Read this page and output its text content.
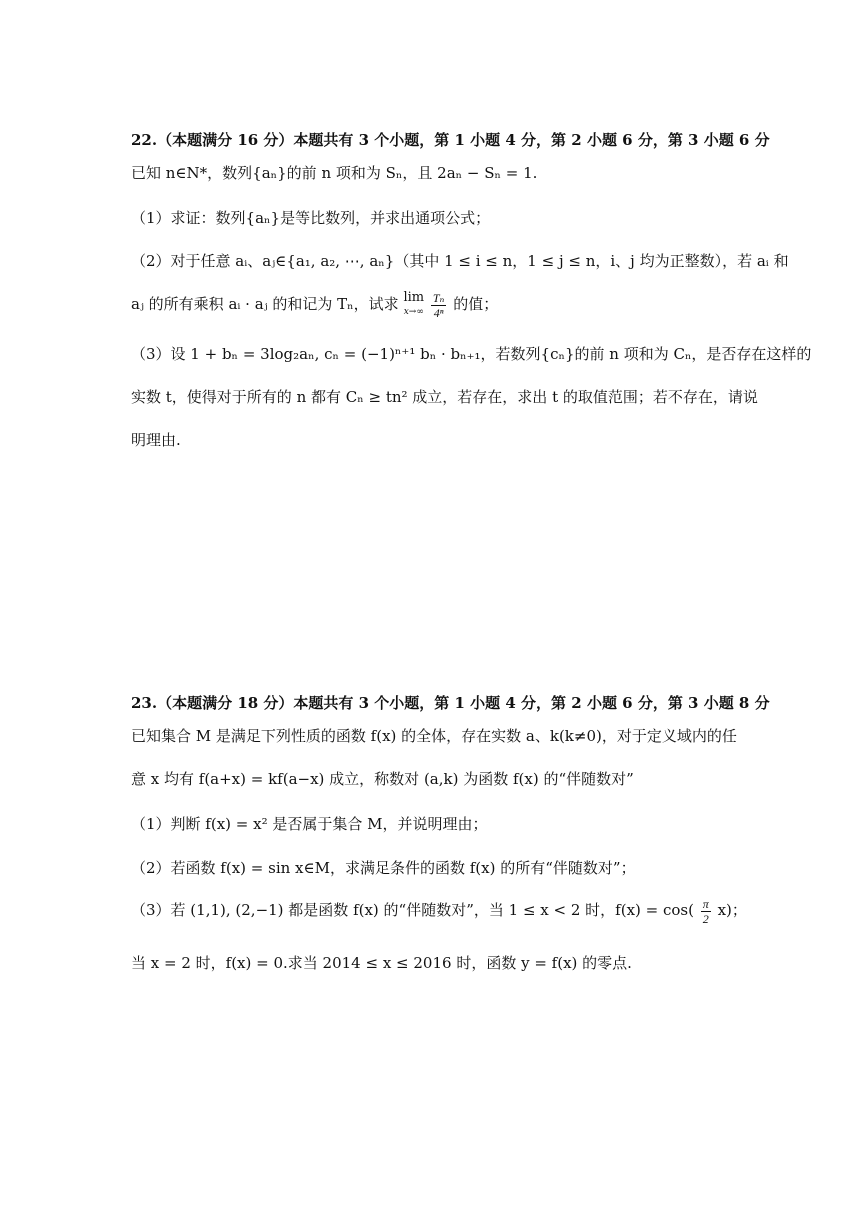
22.（本题满分 16 分）本题共有 3 个小题，第 1 小题 4 分，第 2 小题 6 分，第 3 小题 6 分
已知 n∈N*，数列{aₙ}的前 n 项和为 Sₙ，且 2aₙ − Sₙ = 1.
（1）求证：数列{aₙ}是等比数列，并求出通项公式；
（2）对于任意 aᵢ、aⱼ∈{a₁, a₂, ⋯, aₙ}（其中 1 ≤ i ≤ n，1 ≤ j ≤ n，i、j 均为正整数），若 aᵢ 和
aⱼ 的所有乘积 aᵢ · aⱼ 的和记为 Tₙ，试求 lim
x→∞
$\frac{\text{Tₙ}}{\text{4ⁿ}}$ 的值；
（3）设 1 + bₙ = 3log₂aₙ, cₙ = (−1)ⁿ⁺¹ bₙ · bₙ₊₁，若数列{cₙ}的前 n 项和为 Cₙ，是否存在这样的
实数 t，使得对于所有的 n 都有 Cₙ ≥ tn² 成立，若存在，求出 t 的取值范围；若不存在，请说
明理由.
23.（本题满分 18 分）本题共有 3 个小题，第 1 小题 4 分，第 2 小题 6 分，第 3 小题 8 分
已知集合 M 是满足下列性质的函数 f(x) 的全体，存在实数 a、k(k≠0)，对于定义域内的任
意 x 均有 f(a+x) = kf(a−x) 成立，称数对 (a,k) 为函数 f(x) 的“伴随数对”
（1）判断 f(x) = x² 是否属于集合 M，并说明理由；
（2）若函数 f(x) = sin x∈M，求满足条件的函数 f(x) 的所有“伴随数对”；
（3）若 (1,1), (2,−1) 都是函数 f(x) 的“伴随数对”，当 1 ≤ x < 2 时，$f(x) = \cos( \frac{\pi}{2} x)$；
当 x = 2 时，f(x) = 0.求当 2014 ≤ x ≤ 2016 时，函数 y = f(x) 的零点.
